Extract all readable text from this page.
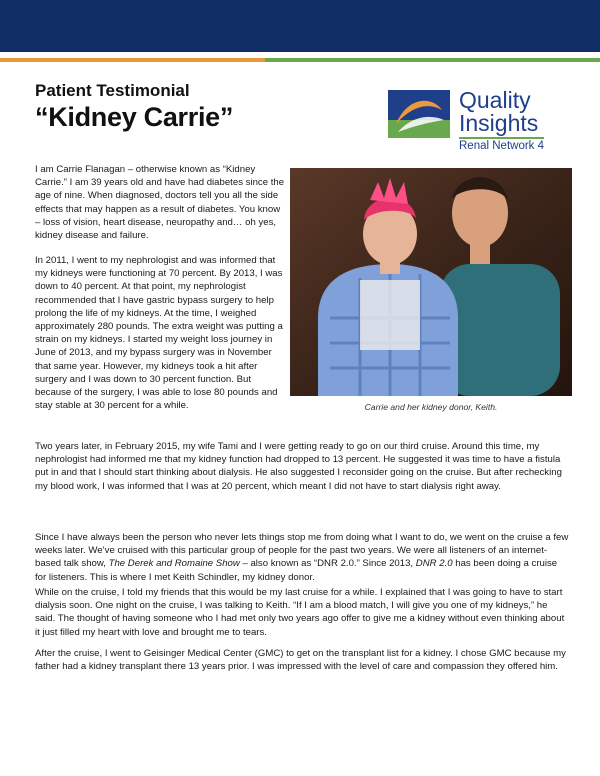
Patient Testimonial
“Kidney Carrie”
Quality
Insights
Renal Network 4

I am Carrie Flanagan – otherwise known as “Kidney Carrie.” I am 39 years old and have had diabetes since the age of nine. When diagnosed, doctors tell you all the side effects that may happen as a result of diabetes. You know – loss of vision, heart disease, neuropathy and… oh yes, kidney disease and failure.

In 2011, I went to my nephrologist and was informed that my kidneys were functioning at 70 percent. By 2013, I was down to 40 percent. At that point, my nephrologist recommended that I have gastric bypass surgery to help prolong the life of my kidneys. At the time, I weighed approximately 280 pounds. The extra weight was putting a strain on my kidneys. I started my weight loss journey in June of 2013, and my bypass surgery was in November that same year. However, my kidneys took a hit after surgery and I was down to 30 percent function. But because of the surgery, I was able to lose 80 pounds and stay stable at 30 percent for a while.	Carrie and her kidney donor, Keith.

Two years later, in February 2015, my wife Tami and I were getting ready to go on our third cruise. Around this time, my nephrologist had informed me that my kidney function had dropped to 13 percent. He suggested it was time to have a fistula put in and that I should start thinking about dialysis. He also suggested I reconsider going on the cruise. But after rechecking my blood work, I was informed that I was at 20 percent, which meant I did not have to start dialysis right away.

Since I have always been the person who never lets things stop me from doing what I want to do, we went on the cruise a few weeks later. We’ve cruised with this particular group of people for the past two years. We were all listeners of an internet-based talk show, The Derek and Romaine Show – also known as “DNR 2.0.” Since 2013, DNR 2.0 has been doing a cruise for listeners. This is where I met Keith Schindler, my kidney donor.

While on the cruise, I told my friends that this would be my last cruise for a while. I explained that I was going to have to start dialysis soon. One night on the cruise, I was talking to Keith. “If I am a blood match, I will give you one of my kidneys,” he said. The thought of having someone who I had met only two years ago offer to give me a kidney without even thinking about it just filled my heart with love and brought me to tears.

After the cruise, I went to Geisinger Medical Center (GMC) to get on the transplant list for a kidney. I chose GMC because my father had a kidney transplant there 13 years prior. I was impressed with the level of care and compassion they offered him.
